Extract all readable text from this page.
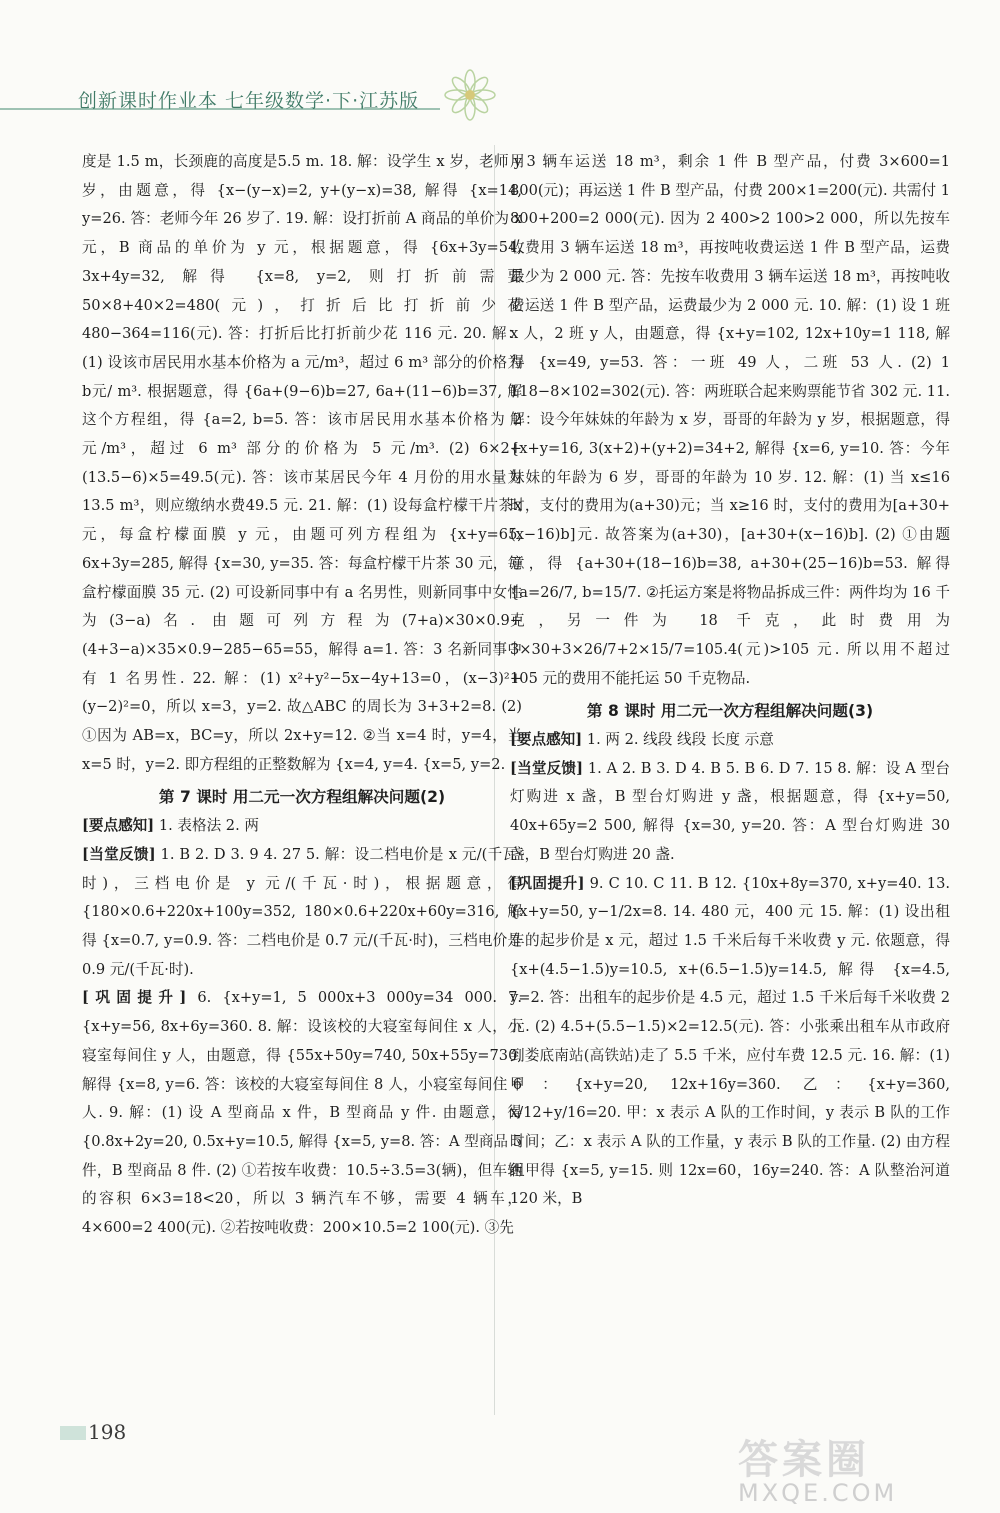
创新课时作业本 七年级数学·下·江苏版

度是 1.5 m，长颈鹿的高度是5.5 m. 18. 解：设学生 x 岁，老师 y 岁，由题意，得 {x−(y−x)=2, y+(y−x)=38, 解得 {x=14, y=26. 答：老师今年 26 岁了. 19. 解：设打折前 A 商品的单价为 x 元，B 商品的单价为 y 元，根据题意，得 {6x+3y=54, 3x+4y=32, 解得 {x=8, y=2, 则打折前需要 50×8+40×2=480(元)，打折后比打折前少花 480−364=116(元). 答：打折后比打折前少花 116 元. 20. 解：(1) 设该市居民用水基本价格为 a 元/m³，超过 6 m³ 部分的价格为 b元/ m³. 根据题意，得 {6a+(9−6)b=27, 6a+(11−6)b=37, 解这个方程组，得 {a=2, b=5. 答：该市居民用水基本价格为 2 元/m³，超过 6 m³ 部分的价格为 5 元/m³. (2) 6×2+(13.5−6)×5=49.5(元). 答：该市某居民今年 4 月份的用水量为 13.5 m³，则应缴纳水费49.5 元. 21. 解：(1) 设每盒柠檬干片茶x元，每盒柠檬面膜 y 元，由题可列方程组为 {x+y=65, 6x+3y=285, 解得 {x=30, y=35. 答：每盒柠檬干片茶 30 元，每盒柠檬面膜 35 元. (2) 可设新同事中有 a 名男性，则新同事中女性为(3−a)名. 由题可列方程为(7+a)×30×0.9+(4+3−a)×35×0.9−285−65=55，解得 a=1. 答：3 名新同事中有 1 名男性. 22. 解：(1) x²+y²−5x−4y+13=0，(x−3)²+(y−2)²=0，所以 x=3，y=2. 故△ABC 的周长为 3+3+2=8. (2) ①因为 AB=x，BC=y，所以 2x+y=12. ②当 x=4 时，y=4，当 x=5 时，y=2. 即方程组的正整数解为 {x=4, y=4. {x=5, y=2.

第 7 课时 用二元一次方程组解决问题(2)

[要点感知] 1. 表格法 2. 两

[当堂反馈] 1. B 2. D 3. 9 4. 27 5. 解：设二档电价是 x 元/(千瓦·时)，三档电价是 y 元/(千瓦·时)，根据题意，得 {180×0.6+220x+100y=352, 180×0.6+220x+60y=316, 解得 {x=0.7, y=0.9. 答：二档电价是 0.7 元/(千瓦·时)，三档电价是 0.9 元/(千瓦·时).

[巩固提升] 6. {x+y=1, 5 000x+3 000y=34 000. 7. {x+y=56, 8x+6y=360. 8. 解：设该校的大寝室每间住 x 人，小寝室每间住 y 人，由题意，得 {55x+50y=740, 50x+55y=730, 解得 {x=8, y=6. 答：该校的大寝室每间住 8 人，小寝室每间住 6 人. 9. 解：(1) 设 A 型商品 x 件，B 型商品 y 件. 由题意，得 {0.8x+2y=20, 0.5x+y=10.5, 解得 {x=5, y=8. 答：A 型商品 5 件，B 型商品 8 件. (2) ①若按车收费：10.5÷3.5=3(辆)，但车辆的容积 6×3=18<20，所以 3 辆汽车不够，需要 4 辆车，4×600=2 400(元). ②若按吨收费：200×10.5=2 100(元). ③先

用3 辆车运送 18 m³，剩余 1 件 B 型产品，付费 3×600=1 800(元)；再运送 1 件 B 型产品，付费 200×1=200(元). 共需付 1 800+200=2 000(元). 因为 2 400>2 100>2 000，所以先按车收费用 3 辆车运送 18 m³，再按吨收费运送 1 件 B 型产品，运费最少为 2 000 元. 答：先按车收费用 3 辆车运送 18 m³，再按吨收费运送 1 件 B 型产品，运费最少为 2 000 元. 10. 解：(1) 设 1 班 x 人，2 班 y 人，由题意，得 {x+y=102, 12x+10y=1 118, 解得 {x=49, y=53. 答：一班 49 人，二班 53 人. (2) 1 118−8×102=302(元). 答：两班联合起来购票能节省 302 元. 11. 解：设今年妹妹的年龄为 x 岁，哥哥的年龄为 y 岁，根据题意，得 {x+y=16, 3(x+2)+(y+2)=34+2, 解得 {x=6, y=10. 答：今年妹妹的年龄为 6 岁，哥哥的年龄为 10 岁. 12. 解：(1) 当 x≤16 时，支付的费用为(a+30)元；当 x≥16 时，支付的费用为[a+30+(x−16)b]元. 故答案为(a+30)，[a+30+(x−16)b]. (2) ①由题意，得 {a+30+(18−16)b=38, a+30+(25−16)b=53. 解得 {a=26/7, b=15/7. ②托运方案是将物品拆成三件：两件均为 16 千克，另一件为 18 千克，此时费用为 3×30+3×26/7+2×15/7=105.4(元)>105 元. 所以用不超过 105 元的费用不能托运 50 千克物品.

第 8 课时 用二元一次方程组解决问题(3)

[要点感知] 1. 两 2. 线段 线段 长度 示意

[当堂反馈] 1. A 2. B 3. D 4. B 5. B 6. D 7. 15 8. 解：设 A 型台灯购进 x 盏，B 型台灯购进 y 盏，根据题意，得 {x+y=50, 40x+65y=2 500, 解得 {x=30, y=20. 答：A 型台灯购进 30 盏，B 型台灯购进 20 盏.

[巩固提升] 9. C 10. C 11. B 12. {10x+8y=370, x+y=40. 13. {x+y=50, y−1/2x=8. 14. 480 元，400 元 15. 解：(1) 设出租车的起步价是 x 元，超过 1.5 千米后每千米收费 y 元. 依题意，得 {x+(4.5−1.5)y=10.5, x+(6.5−1.5)y=14.5, 解得 {x=4.5, y=2. 答：出租车的起步价是 4.5 元，超过 1.5 千米后每千米收费 2 元. (2) 4.5+(5.5−1.5)×2=12.5(元). 答：小张乘出租车从市政府到娄底南站(高铁站)走了 5.5 千米，应付车费 12.5 元. 16. 解：(1) 甲：{x+y=20, 12x+16y=360. 乙：{x+y=360, x/12+y/16=20. 甲：x 表示 A 队的工作时间，y 表示 B 队的工作时间；乙：x 表示 A 队的工作量，y 表示 B 队的工作量. (2) 由方程组甲得 {x=5, y=15. 则 12x=60，16y=240. 答：A 队整治河道 120 米，B

198
答案圈
MXQE.COM
